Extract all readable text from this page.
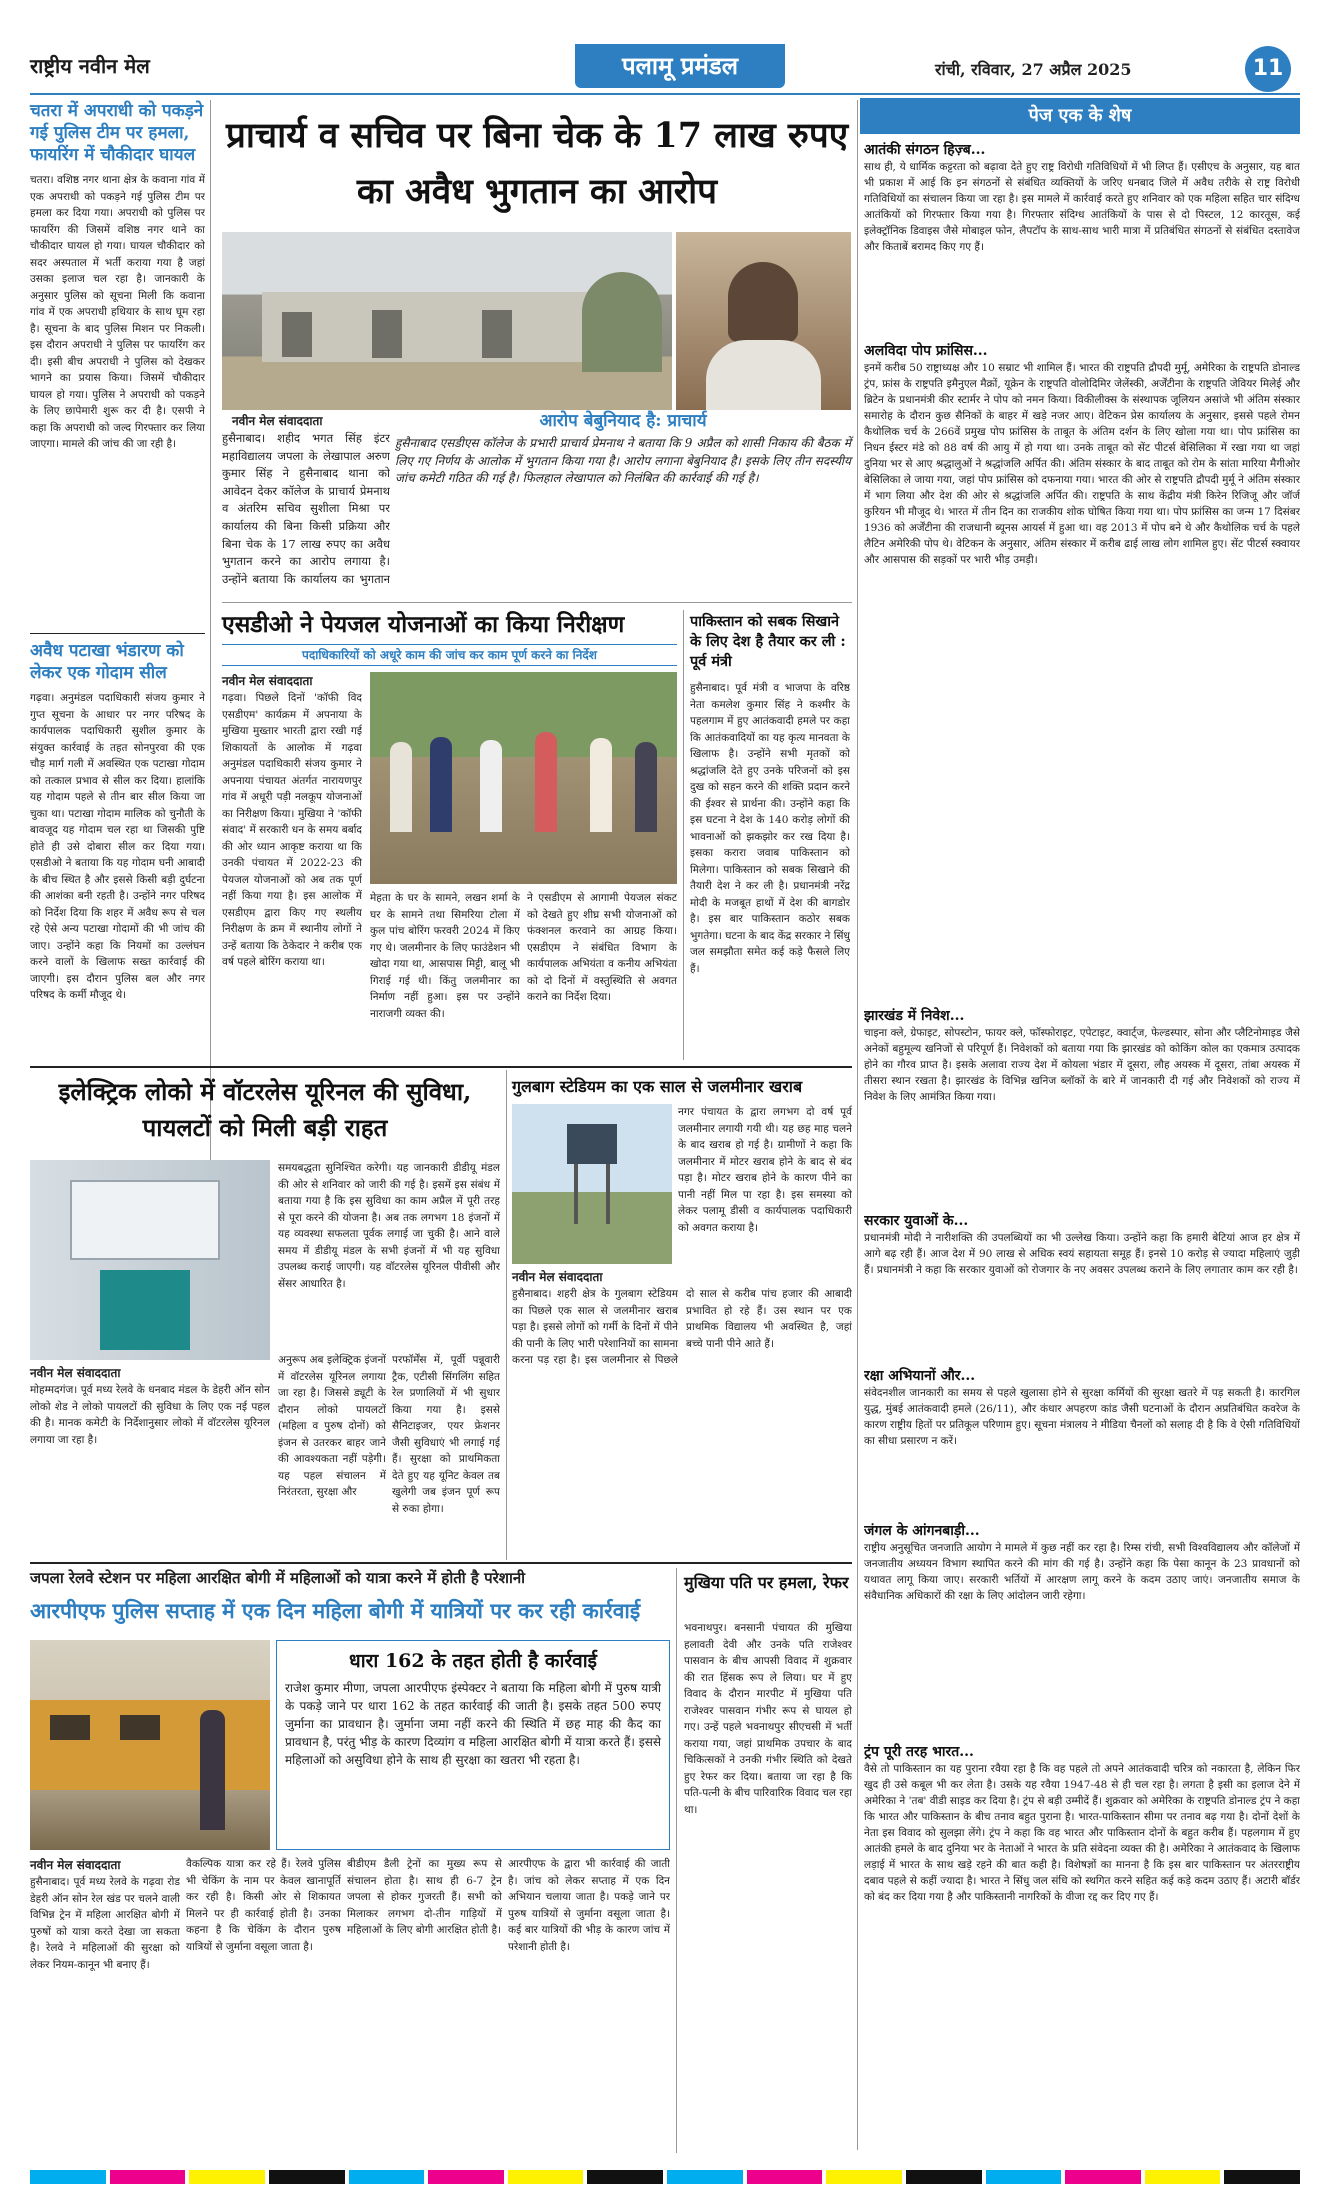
राष्ट्रीय नवीन मेल	पलामू प्रमंडल	रांची, रविवार, 27 अप्रैल 2025	11
पेज एक के शेष
चतरा में अपराधी को पकड़ने गई पुलिस टीम पर हमला, फायरिंग में चौकीदार घायल
चतरा। वशिष्ठ नगर थाना क्षेत्र के कवाना गांव में एक अपराधी को पकड़ने गई पुलिस टीम पर हमला कर दिया गया। अपराधी को पुलिस पर फायरिंग की जिसमें वशिष्ठ नगर थाने का चौकीदार घायल हो गया। घायल चौकीदार को सदर अस्पताल में भर्ती कराया गया है जहां उसका इलाज चल रहा है। जानकारी के अनुसार पुलिस को सूचना मिली कि कवाना गांव में एक अपराधी हथियार के साथ घूम रहा है। सूचना के बाद पुलिस मिशन पर निकली। इस दौरान अपराधी ने पुलिस पर फायरिंग कर दी। इसी बीच अपराधी ने पुलिस को देखकर भागने का प्रयास किया। जिसमें चौकीदार घायल हो गया। पुलिस ने अपराधी को पकड़ने के लिए छापेमारी शुरू कर दी है। एसपी ने कहा कि अपराधी को जल्द गिरफ्तार कर लिया जाएगा। मामले की जांच की जा रही है।
अवैध पटाखा भंडारण को लेकर एक गोदाम सील
गढ़वा। अनुमंडल पदाधिकारी संजय कुमार ने गुप्त सूचना के आधार पर नगर परिषद के कार्यपालक पदाधिकारी सुशील कुमार के संयुक्त कार्रवाई के तहत सोनपुरवा की एक चौड़ मार्ग गली में अवस्थित एक पटाखा गोदाम को तत्काल प्रभाव से सील कर दिया। हालांकि यह गोदाम पहले से तीन बार सील किया जा चुका था। पटाखा गोदाम मालिक को चुनौती के बावजूद यह गोदाम चल रहा था जिसकी पुष्टि होते ही उसे दोबारा सील कर दिया गया। एसडीओ ने बताया कि यह गोदाम घनी आबादी के बीच स्थित है और इससे किसी बड़ी दुर्घटना की आशंका बनी रहती है। उन्होंने नगर परिषद को निर्देश दिया कि शहर में अवैध रूप से चल रहे ऐसे अन्य पटाखा गोदामों की भी जांच की जाए। उन्होंने कहा कि नियमों का उल्लंघन करने वालों के खिलाफ सख्त कार्रवाई की जाएगी। इस दौरान पुलिस बल और नगर परिषद के कर्मी मौजूद थे।
प्राचार्य व सचिव पर बिना चेक के 17 लाख रुपए का अवैध भुगतान का आरोप
नवीन मेल संवाददाता	आरोप बेबुनियाद है: प्राचार्य
हुसैनाबाद एसडीएस कॉलेज के प्रभारी प्राचार्य प्रेमनाथ ने बताया कि 9 अप्रैल को शासी निकाय की बैठक में लिए गए निर्णय के आलोक में भुगतान किया गया है। आरोप लगाना बेबुनियाद है। इसके लिए तीन सदस्यीय जांच कमेटी गठित की गई है। फिलहाल लेखापाल को निलंबित की कार्रवाई की गई है।
हुसैनाबाद। शहीद भगत सिंह इंटर महाविद्यालय जपला के लेखापाल अरुण कुमार सिंह ने हुसैनाबाद थाना को आवेदन देकर कॉलेज के प्राचार्य प्रेमनाथ व अंतरिम सचिव सुशीला मिश्रा पर कार्यालय की बिना किसी प्रक्रिया और बिना चेक के 17 लाख रुपए का अवैध भुगतान करने का आरोप लगाया है। उन्होंने बताया कि कार्यालय का भुगतान
एसडीओ ने पेयजल योजनाओं का किया निरीक्षण
पदाधिकारियों को अधूरे काम की जांच कर काम पूर्ण करने का निर्देश
नवीन मेल संवाददाता
गढ़वा। पिछले दिनों 'कॉफी विद एसडीएम' कार्यक्रम में अपनाया के मुखिया मुख्तार भारती द्वारा रखी गई शिकायतों के आलोक में गढ़वा अनुमंडल पदाधिकारी संजय कुमार ने अपनाया पंचायत अंतर्गत नारायणपुर गांव में अधूरी पड़ी नलकूप योजनाओं का निरीक्षण किया। मुखिया ने 'कॉफी संवाद' में सरकारी धन के समय बर्बाद की ओर ध्यान आकृष्ट कराया था कि उनकी पंचायत में 2022-23 की पेयजल योजनाओं को अब तक पूर्ण नहीं किया गया है। इस आलोक में एसडीएम द्वारा किए गए स्थलीय निरीक्षण के क्रम में स्थानीय लोगों ने उन्हें बताया कि ठेकेदार ने करीब एक वर्ष पहले बोरिंग कराया था।
मेहता के घर के सामने, लखन शर्मा के घर के सामने तथा सिमरिया टोला में कुल पांच बोरिंग फरवरी 2024 में किए गए थे। जलमीनार के लिए फाउंडेशन भी खोदा गया था, आसपास मिट्टी, बालू भी गिराई गई थी। किंतु जलमीनार का निर्माण नहीं हुआ। इस पर उन्होंने नाराजगी व्यक्त की।
ने एसडीएम से आगामी पेयजल संकट को देखते हुए शीघ्र सभी योजनाओं को फंक्शनल करवाने का आग्रह किया। एसडीएम ने संबंधित विभाग के कार्यपालक अभियंता व कनीय अभियंता को दो दिनों में वस्तुस्थिति से अवगत कराने का निर्देश दिया।
पाकिस्तान को सबक सिखाने के लिए देश है तैयार कर ली : पूर्व मंत्री
हुसैनाबाद। पूर्व मंत्री व भाजपा के वरिष्ठ नेता कमलेश कुमार सिंह ने कश्मीर के पहलगाम में हुए आतंकवादी हमले पर कहा कि आतंकवादियों का यह कृत्य मानवता के खिलाफ है। उन्होंने सभी मृतकों को श्रद्धांजलि देते हुए उनके परिजनों को इस दुख को सहन करने की शक्ति प्रदान करने की ईश्वर से प्रार्थना की। उन्होंने कहा कि इस घटना ने देश के 140 करोड़ लोगों की भावनाओं को झकझोर कर रख दिया है। इसका करारा जवाब पाकिस्तान को मिलेगा। पाकिस्तान को सबक सिखाने की तैयारी देश ने कर ली है। प्रधानमंत्री नरेंद्र मोदी के मजबूत हाथों में देश की बागडोर है। इस बार पाकिस्तान कठोर सबक भुगतेगा। घटना के बाद केंद्र सरकार ने सिंधु जल समझौता समेत कई कड़े फैसले लिए हैं।
इलेक्ट्रिक लोको में वॉटरलेस यूरिनल की सुविधा, पायलटों को मिली बड़ी राहत
नवीन मेल संवाददाता
मोहम्मदगंज। पूर्व मध्य रेलवे के धनबाद मंडल के डेहरी ऑन सोन लोको शेड ने लोको पायलटों की सुविधा के लिए एक नई पहल की है। मानक कमेटी के निर्देशानुसार लोको में वॉटरलेस यूरिनल लगाया जा रहा है।
समयबद्धता सुनिश्चित करेगी। यह जानकारी डीडीयू मंडल की ओर से शनिवार को जारी की गई है। इसमें इस संबंध में बताया गया है कि इस सुविधा का काम अप्रैल में पूरी तरह से पूरा करने की योजना है। अब तक लगभग 18 इंजनों में यह व्यवस्था सफलता पूर्वक लगाई जा चुकी है। आने वाले समय में डीडीयू मंडल के सभी इंजनों में भी यह सुविधा उपलब्ध कराई जाएगी। यह वॉटरलेस यूरिनल पीवीसी और सेंसर आधारित है।
अनुरूप अब इलेक्ट्रिक इंजनों में वॉटरलेस यूरिनल लगाया जा रहा है। जिससे ड्यूटी के दौरान लोको पायलटों (महिला व पुरुष दोनों) को इंजन से उतरकर बाहर जाने की आवश्यकता नहीं पड़ेगी। यह पहल संचालन में निरंतरता, सुरक्षा और
परफॉर्मेंस में, पूर्वी पन्नूवारी ट्रैक, एटीसी सिंगलिंग सहित रेल प्रणालियों में भी सुधार किया गया है। इससे सैनिटाइजर, एयर फ्रेशनर जैसी सुविधाएं भी लगाई गई हैं। सुरक्षा को प्राथमिकता देते हुए यह यूनिट केवल तब खुलेगी जब इंजन पूर्ण रूप से रुका होगा।
गुलबाग स्टेडियम का एक साल से जलमीनार खराब
नगर पंचायत के द्वारा लगभग दो वर्ष पूर्व जलमीनार लगायी गयी थी। यह छह माह चलने के बाद खराब हो गई है। ग्रामीणों ने कहा कि जलमीनार में मोटर खराब होने के बाद से बंद पड़ा है। मोटर खराब होने के कारण पीने का पानी नहीं मिल पा रहा है। इस समस्या को लेकर पलामू डीसी व कार्यपालक पदाधिकारी को अवगत कराया है।
नवीन मेल संवाददाता
हुसैनाबाद। शहरी क्षेत्र के गुलबाग स्टेडियम का पिछले एक साल से जलमीनार खराब पड़ा है। इससे लोगों को गर्मी के दिनों में पीने की पानी के लिए भारी परेशानियों का सामना करना पड़ रहा है। इस जलमीनार से पिछले दो साल से करीब पांच हजार की आबादी प्रभावित हो रहे हैं। उस स्थान पर एक प्राथमिक विद्यालय भी अवस्थित है, जहां बच्चे पानी पीने आते हैं।
जपला रेलवे स्टेशन पर महिला आरक्षित बोगी में महिलाओं को यात्रा करने में होती है परेशानी
आरपीएफ पुलिस सप्ताह में एक दिन महिला बोगी में यात्रियों पर कर रही कार्रवाई
धारा 162 के तहत होती है कार्रवाई
राजेश कुमार मीणा, जपला आरपीएफ इंस्पेक्टर ने बताया कि महिला बोगी में पुरुष यात्री के पकड़े जाने पर धारा 162 के तहत कार्रवाई की जाती है। इसके तहत 500 रुपए जुर्माना का प्रावधान है। जुर्माना जमा नहीं करने की स्थिति में छह माह की कैद का प्रावधान है, परंतु भीड़ के कारण दिव्यांग व महिला आरक्षित बोगी में यात्रा करते हैं। इससे महिलाओं को असुविधा होने के साथ ही सुरक्षा का खतरा भी रहता है।
नवीन मेल संवाददाता
हुसैनाबाद। पूर्व मध्य रेलवे के गढ़वा रोड डेहरी ऑन सोन रेल खंड पर चलने वाली विभिन्न ट्रेन में महिला आरक्षित बोगी में पुरुषों को यात्रा करते देखा जा सकता है। रेलवे ने महिलाओं की सुरक्षा को लेकर नियम-कानून भी बनाए हैं।
वैकल्पिक यात्रा कर रहे हैं। रेलवे पुलिस भी चेकिंग के नाम पर केवल खानापूर्ति कर रही है। किसी ओर से शिकायत मिलने पर ही कार्रवाई होती है। उनका कहना है कि चेकिंग के दौरान पुरुष यात्रियों से जुर्माना वसूला जाता है।
बीडीएम डैली ट्रेनों का मुख्य रूप से संचालन होता है। साथ ही 6-7 ट्रेन जपला से होकर गुजरती हैं। सभी को मिलाकर लगभग दो-तीन गाड़ियों में महिलाओं के लिए बोगी आरक्षित होती है।
आरपीएफ के द्वारा भी कार्रवाई की जाती है। जांच को लेकर सप्ताह में एक दिन अभियान चलाया जाता है। पकड़े जाने पर पुरुष यात्रियों से जुर्माना वसूला जाता है। कई बार यात्रियों की भीड़ के कारण जांच में परेशानी होती है।
मुखिया पति पर हमला, रेफर
भवनाथपुर। बनसानी पंचायत की मुखिया हलावती देवी और उनके पति राजेश्वर पासवान के बीच आपसी विवाद में शुक्रवार की रात हिंसक रूप ले लिया। घर में हुए विवाद के दौरान मारपीट में मुखिया पति राजेश्वर पासवान गंभीर रूप से घायल हो गए। उन्हें पहले भवनाथपुर सीएचसी में भर्ती कराया गया, जहां प्राथमिक उपचार के बाद चिकित्सकों ने उनकी गंभीर स्थिति को देखते हुए रेफर कर दिया। बताया जा रहा है कि पति-पत्नी के बीच पारिवारिक विवाद चल रहा था।
आतंकी संगठन हिज़्ब...
साथ ही, ये धार्मिक कट्टरता को बढ़ावा देते हुए राष्ट्र विरोधी गतिविधियों में भी लिप्त हैं। एसीएच के अनुसार, यह बात भी प्रकाश में आई कि इन संगठनों से संबंधित व्यक्तियों के जरिए धनबाद जिले में अवैध तरीके से राष्ट्र विरोधी गतिविधियों का संचालन किया जा रहा है। इस मामले में कार्रवाई करते हुए शनिवार को एक महिला सहित चार संदिग्ध आतंकियों को गिरफ्तार किया गया है। गिरफ्तार संदिग्ध आतंकियों के पास से दो पिस्टल, 12 कारतूस, कई इलेक्ट्रॉनिक डिवाइस जैसे मोबाइल फोन, लैपटॉप के साथ-साथ भारी मात्रा में प्रतिबंधित संगठनों से संबंधित दस्तावेज और किताबें बरामद किए गए हैं।
अलविदा पोप फ्रांसिस...
इनमें करीब 50 राष्ट्राध्यक्ष और 10 सम्राट भी शामिल हैं। भारत की राष्ट्रपति द्रौपदी मुर्मू, अमेरिका के राष्ट्रपति डोनाल्ड ट्रंप, फ्रांस के राष्ट्रपति इमैनुएल मैक्रों, यूक्रेन के राष्ट्रपति वोलोदिमिर जेलेंस्की, अर्जेंटीना के राष्ट्रपति जेवियर मिलेई और ब्रिटेन के प्रधानमंत्री कीर स्टार्मर ने पोप को नमन किया। विकीलीक्स के संस्थापक जूलियन असांजे भी अंतिम संस्कार समारोह के दौरान कुछ सैनिकों के बाहर में खड़े नजर आए। वेटिकन प्रेस कार्यालय के अनुसार, इससे पहले रोमन कैथोलिक चर्च के 266वें प्रमुख पोप फ्रांसिस के ताबूत के अंतिम दर्शन के लिए खोला गया था। पोप फ्रांसिस का निधन ईस्टर मंडे को 88 वर्ष की आयु में हो गया था। उनके ताबूत को सेंट पीटर्स बेसिलिका में रखा गया था जहां दुनिया भर से आए श्रद्धालुओं ने श्रद्धांजलि अर्पित की। अंतिम संस्कार के बाद ताबूत को रोम के सांता मारिया मैगीओर बेसिलिका ले जाया गया, जहां पोप फ्रांसिस को दफनाया गया। भारत की ओर से राष्ट्रपति द्रौपदी मुर्मू ने अंतिम संस्कार में भाग लिया और देश की ओर से श्रद्धांजलि अर्पित की। राष्ट्रपति के साथ केंद्रीय मंत्री किरेन रिजिजू और जॉर्ज कुरियन भी मौजूद थे। भारत में तीन दिन का राजकीय शोक घोषित किया गया था। पोप फ्रांसिस का जन्म 17 दिसंबर 1936 को अर्जेंटीना की राजधानी ब्यूनस आयर्स में हुआ था। वह 2013 में पोप बने थे और कैथोलिक चर्च के पहले लैटिन अमेरिकी पोप थे। वेटिकन के अनुसार, अंतिम संस्कार में करीब ढाई लाख लोग शामिल हुए। सेंट पीटर्स स्क्वायर और आसपास की सड़कों पर भारी भीड़ उमड़ी।
झारखंड में निवेश...
चाइना क्ले, ग्रेफाइट, सोपस्टोन, फायर क्ले, फॉस्फोराइट, एपेटाइट, क्वार्ट्ज, फेल्डस्पार, सोना और प्लैटिनोमाइड जैसे अनेकों बहुमूल्य खनिजों से परिपूर्ण हैं। निवेशकों को बताया गया कि झारखंड को कोकिंग कोल का एकमात्र उत्पादक होने का गौरव प्राप्त है। इसके अलावा राज्य देश में कोयला भंडार में दूसरा, लौह अयस्क में दूसरा, तांबा अयस्क में तीसरा स्थान रखता है। झारखंड के विभिन्न खनिज ब्लॉकों के बारे में जानकारी दी गई और निवेशकों को राज्य में निवेश के लिए आमंत्रित किया गया।
सरकार युवाओं के...
प्रधानमंत्री मोदी ने नारीशक्ति की उपलब्धियों का भी उल्लेख किया। उन्होंने कहा कि हमारी बेटियां आज हर क्षेत्र में आगे बढ़ रही हैं। आज देश में 90 लाख से अधिक स्वयं सहायता समूह हैं। इनसे 10 करोड़ से ज्यादा महिलाएं जुड़ी हैं। प्रधानमंत्री ने कहा कि सरकार युवाओं को रोजगार के नए अवसर उपलब्ध कराने के लिए लगातार काम कर रही है।
रक्षा अभियानों और...
संवेदनशील जानकारी का समय से पहले खुलासा होने से सुरक्षा कर्मियों की सुरक्षा खतरे में पड़ सकती है। कारगिल युद्ध, मुंबई आतंकवादी हमले (26/11), और कंधार अपहरण कांड जैसी घटनाओं के दौरान अप्रतिबंधित कवरेज के कारण राष्ट्रीय हितों पर प्रतिकूल परिणाम हुए। सूचना मंत्रालय ने मीडिया चैनलों को सलाह दी है कि वे ऐसी गतिविधियों का सीधा प्रसारण न करें।
जंगल के आंगनबाड़ी...
राष्ट्रीय अनुसूचित जनजाति आयोग ने मामले में कुछ नहीं कर रहा है। रिम्स रांची, सभी विश्वविद्यालय और कॉलेजों में जनजातीय अध्ययन विभाग स्थापित करने की मांग की गई है। उन्होंने कहा कि पेसा कानून के 23 प्रावधानों को यथावत लागू किया जाए। सरकारी भर्तियों में आरक्षण लागू करने के कदम उठाए जाएं। जनजातीय समाज के संवैधानिक अधिकारों की रक्षा के लिए आंदोलन जारी रहेगा।
ट्रंप पूरी तरह भारत...
वैसे तो पाकिस्तान का यह पुराना रवैया रहा है कि वह पहले तो अपने आतंकवादी चरित्र को नकारता है, लेकिन फिर खुद ही उसे कबूल भी कर लेता है। उसके यह रवैया 1947-48 से ही चल रहा है। लगता है इसी का इलाज देने में अमेरिका ने 'तब' वीडी साइड कर दिया है। ट्रंप से बड़ी उम्मीदें हैं। शुक्रवार को अमेरिका के राष्ट्रपति डोनाल्ड ट्रंप ने कहा कि भारत और पाकिस्तान के बीच तनाव बहुत पुराना है। भारत-पाकिस्तान सीमा पर तनाव बढ़ गया है। दोनों देशों के नेता इस विवाद को सुलझा लेंगे। ट्रंप ने कहा कि वह भारत और पाकिस्तान दोनों के बहुत करीब हैं। पहलगाम में हुए आतंकी हमले के बाद दुनिया भर के नेताओं ने भारत के प्रति संवेदना व्यक्त की है। अमेरिका ने आतंकवाद के खिलाफ लड़ाई में भारत के साथ खड़े रहने की बात कही है। विशेषज्ञों का मानना है कि इस बार पाकिस्तान पर अंतरराष्ट्रीय दबाव पहले से कहीं ज्यादा है। भारत ने सिंधु जल संधि को स्थगित करने सहित कई कड़े कदम उठाए हैं। अटारी बॉर्डर को बंद कर दिया गया है और पाकिस्तानी नागरिकों के वीजा रद्द कर दिए गए हैं।
